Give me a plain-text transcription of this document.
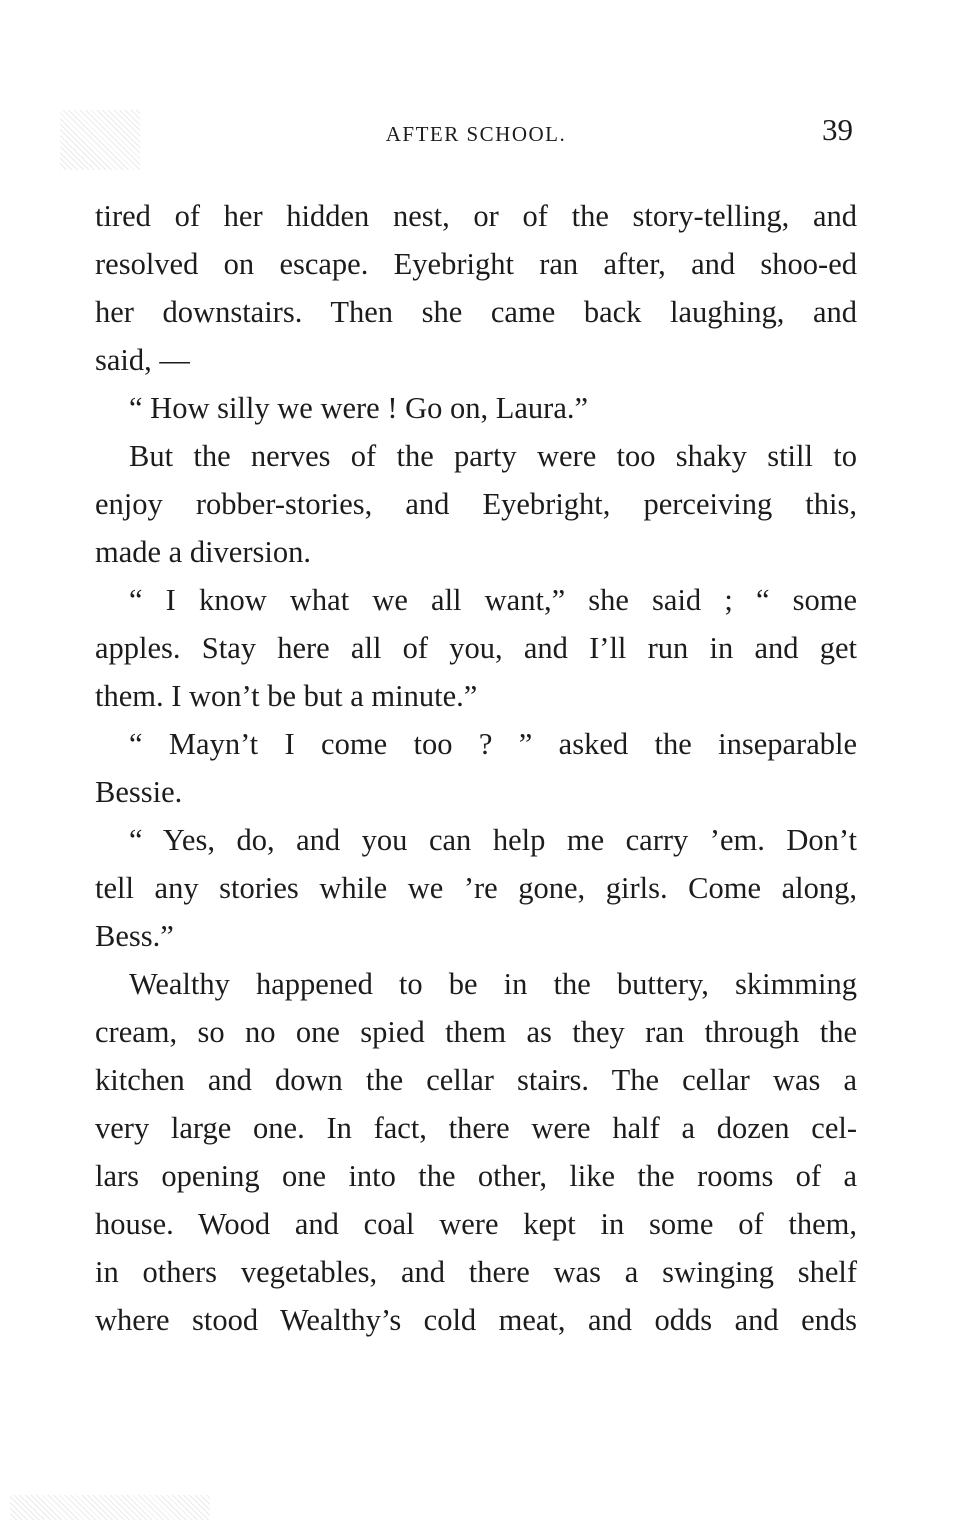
AFTER SCHOOL.	39
tired of her hidden nest, or of the story-telling, and
resolved on escape. Eyebright ran after, and shoo-ed
her downstairs. Then she came back laughing, and
said, —
“ How silly we were ! Go on, Laura.”
But the nerves of the party were too shaky still to
enjoy robber-stories, and Eyebright, perceiving this,
made a diversion.
“ I know what we all want,” she said ; “ some
apples. Stay here all of you, and I’ll run in and get
them. I won’t be but a minute.”
“ Mayn’t I come too ? ” asked the inseparable
Bessie.
“ Yes, do, and you can help me carry ’em. Don’t
tell any stories while we ’re gone, girls. Come along,
Bess.”
Wealthy happened to be in the buttery, skimming
cream, so no one spied them as they ran through the
kitchen and down the cellar stairs. The cellar was a
very large one. In fact, there were half a dozen cel-
lars opening one into the other, like the rooms of a
house. Wood and coal were kept in some of them,
in others vegetables, and there was a swinging shelf
where stood Wealthy’s cold meat, and odds and ends
